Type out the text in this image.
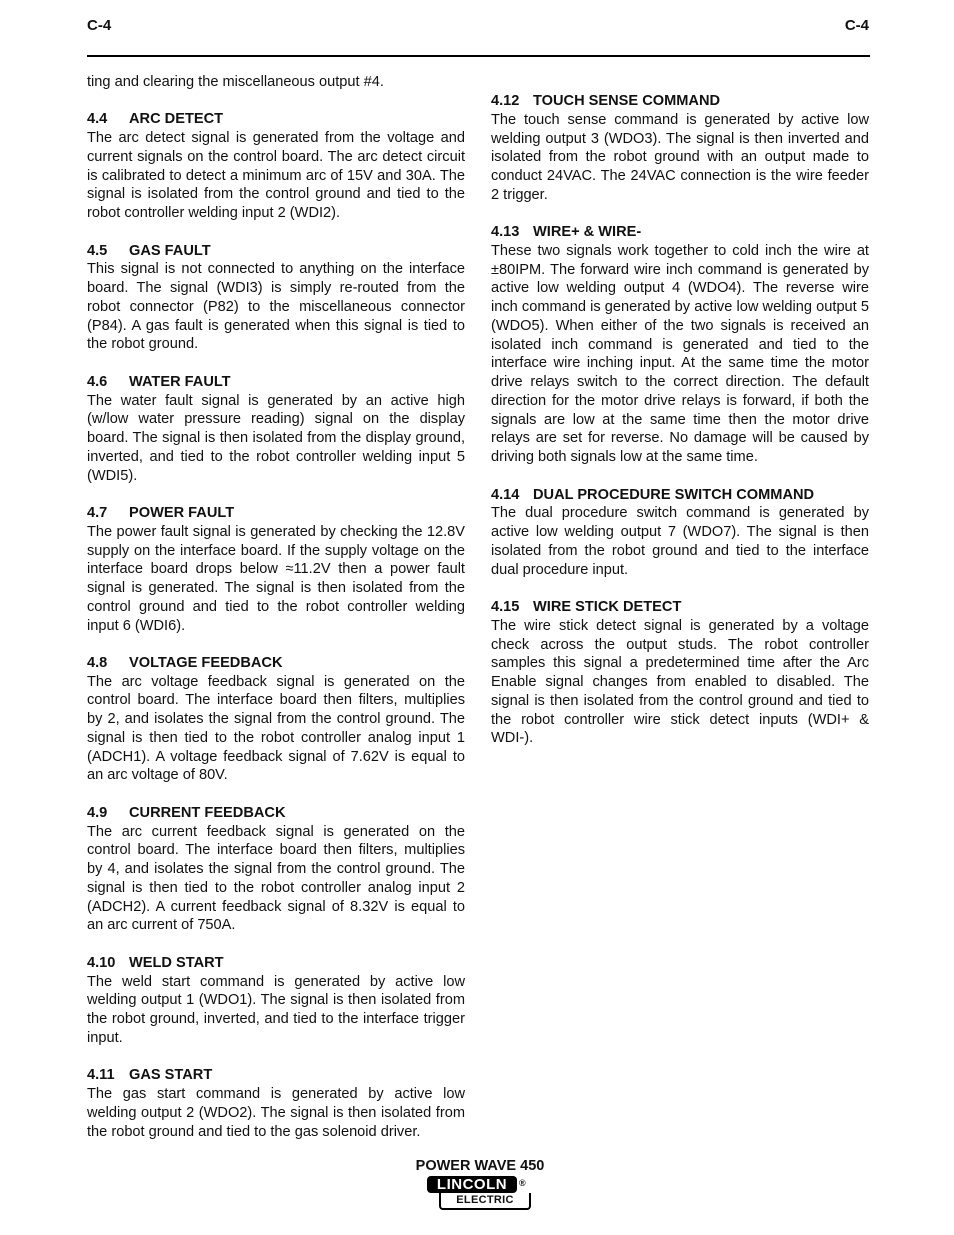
C-4	C-4

ting and clearing the miscellaneous output #4.

4.4	ARC DETECT

The arc detect signal is generated from the voltage and current signals on the control board. The arc detect circuit is calibrated to detect a minimum arc of 15V and 30A. The signal is isolated from the control ground and tied to the robot controller welding input 2 (WDI2).

4.5	GAS FAULT

This signal is not connected to anything on the interface board. The signal (WDI3) is simply re-routed from the robot connector (P82) to the miscellaneous connector (P84). A gas fault is generated when this signal is tied to the robot ground.

4.6	WATER FAULT

The water fault signal is generated by an active high (w/low water pressure reading) signal on the display board. The signal is then isolated from the display ground, inverted, and tied to the robot controller welding input 5 (WDI5).

4.7	POWER FAULT

The power fault signal is generated by checking the 12.8V supply on the interface board. If the supply voltage on the interface board drops below ≈11.2V then a power fault signal is generated. The signal is then isolated from the control ground and tied to the robot controller welding input 6 (WDI6).

4.8	VOLTAGE FEEDBACK

The arc voltage feedback signal is generated on the control board. The interface board then filters, multiplies by 2, and isolates the signal from the control ground. The signal is then tied to the robot controller analog input 1 (ADCH1). A voltage feedback signal of 7.62V is equal to an arc voltage of 80V.

4.9	CURRENT FEEDBACK

The arc current feedback signal is generated on the control board. The interface board then filters, multiplies by 4, and isolates the signal from the control ground. The signal is then tied to the robot controller analog input 2 (ADCH2). A current feedback signal of 8.32V is equal to an arc current of 750A.

4.10 WELD START

The weld start command is generated by active low welding output 1 (WDO1). The signal is then isolated from the robot ground, inverted, and tied to the interface trigger input.

4.11 GAS START

The gas start command is generated by active low welding output 2 (WDO2). The signal is then isolated from the robot ground and tied to the gas solenoid driver.

4.12 TOUCH SENSE COMMAND

The touch sense command is generated by active low welding output 3 (WDO3). The signal is then inverted and isolated from the robot ground with an output made to conduct 24VAC. The 24VAC connection is the wire feeder 2 trigger.

4.13 WIRE+ & WIRE-

These two signals work together to cold inch the wire at ±80IPM. The forward wire inch command is generated by active low welding output 4 (WDO4). The reverse wire inch command is generated by active low welding output 5 (WDO5). When either of the two signals is received an isolated inch command is generated and tied to the interface wire inching input. At the same time the motor drive relays switch to the correct direction. The default direction for the motor drive relays is forward, if both the signals are low at the same time then the motor drive relays are set for reverse. No damage will be caused by driving both signals low at the same time.

4.14 DUAL PROCEDURE SWITCH COMMAND

The dual procedure switch command is generated by active low welding output 7 (WDO7). The signal is then isolated from the robot ground and tied to the interface dual procedure input.

4.15 WIRE STICK DETECT

The wire stick detect signal is generated by a voltage check across the output studs. The robot controller samples this signal a predetermined time after the Arc Enable signal changes from enabled to disabled. The signal is then isolated from the control ground and tied to the robot controller wire stick detect inputs (WDI+ & WDI-).

POWER WAVE 450

LINCOLN	®
ELECTRIC
